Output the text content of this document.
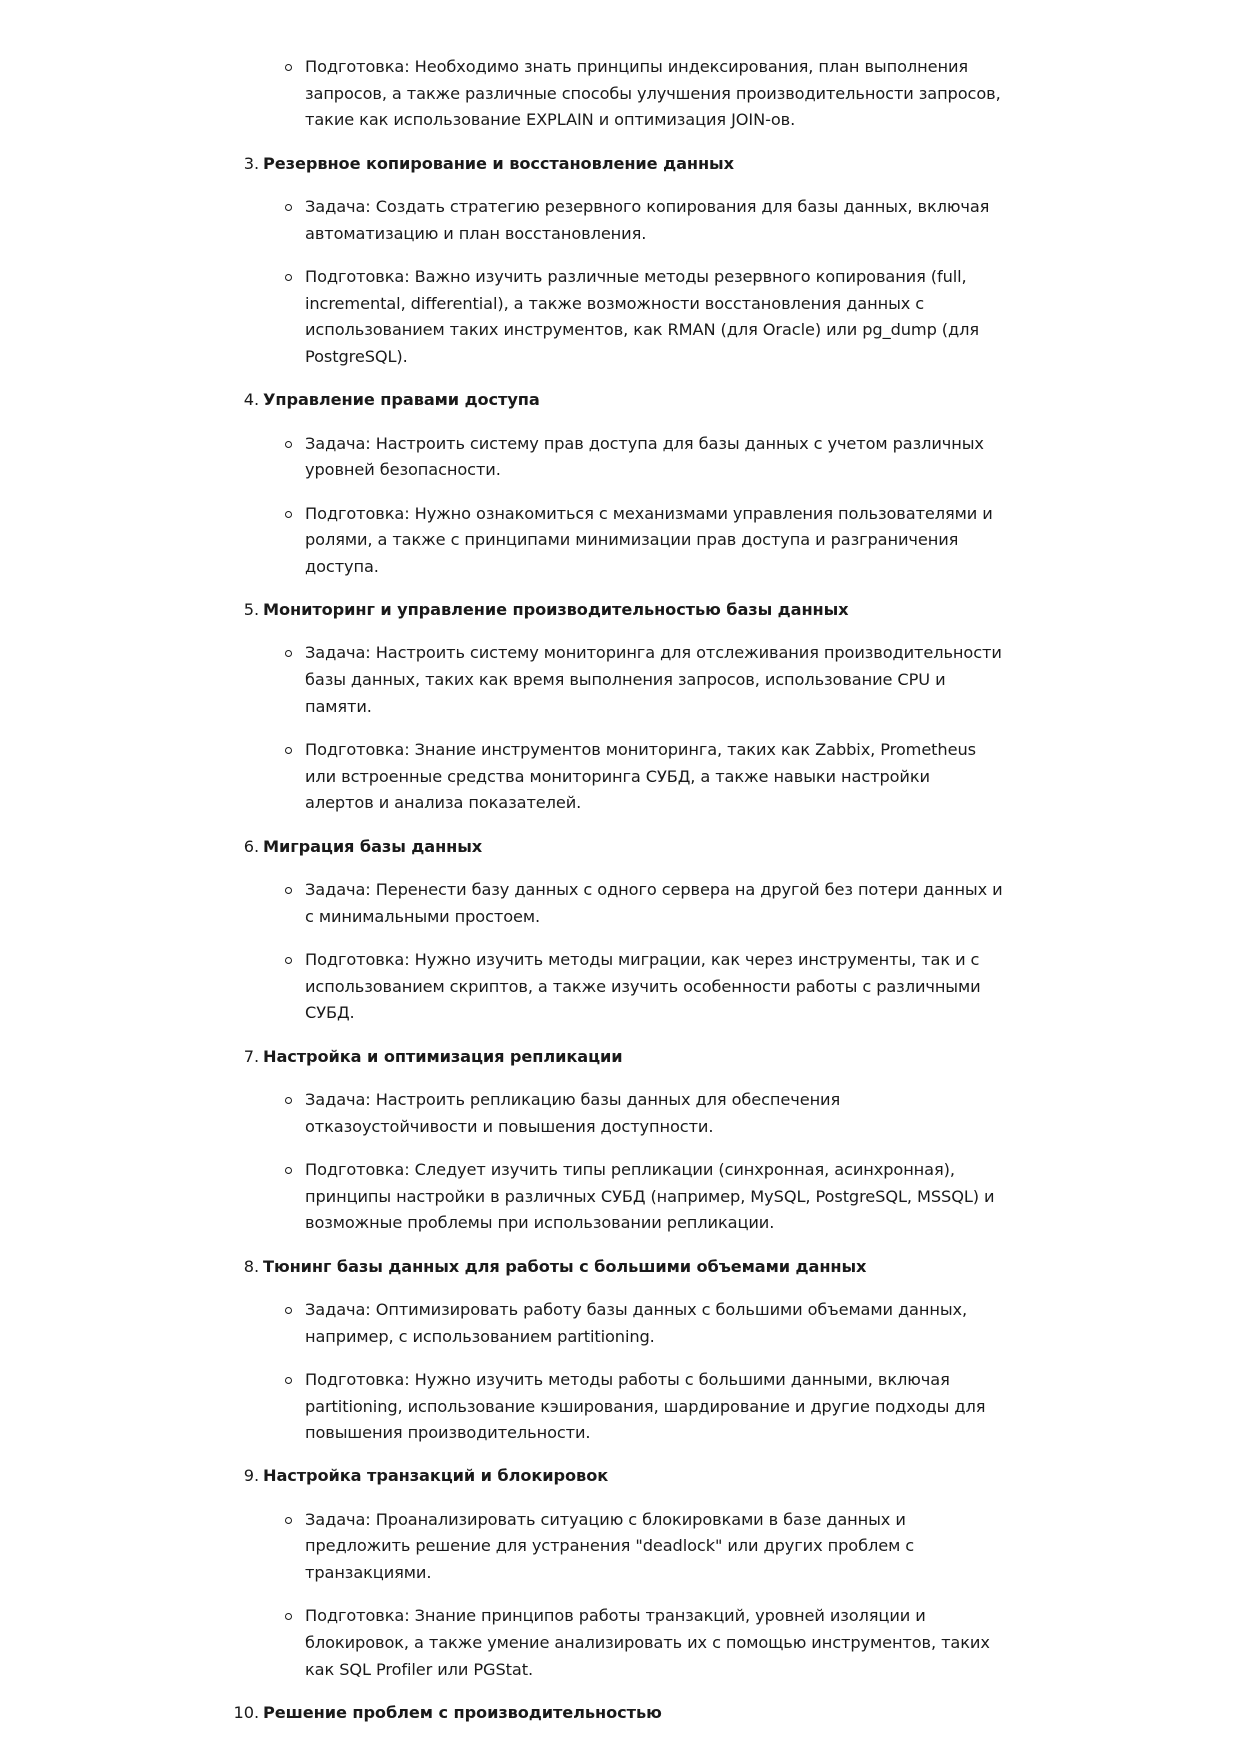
Подготовка: Необходимо знать принципы индексирования, план выполнения запросов, а также различные способы улучшения производительности запросов, такие как использование EXPLAIN и оптимизация JOIN-ов.
3. Резервное копирование и восстановление данных
Задача: Создать стратегию резервного копирования для базы данных, включая автоматизацию и план восстановления.
Подготовка: Важно изучить различные методы резервного копирования (full, incremental, differential), а также возможности восстановления данных с использованием таких инструментов, как RMAN (для Oracle) или pg_dump (для PostgreSQL).
4. Управление правами доступа
Задача: Настроить систему прав доступа для базы данных с учетом различных уровней безопасности.
Подготовка: Нужно ознакомиться с механизмами управления пользователями и ролями, а также с принципами минимизации прав доступа и разграничения доступа.
5. Мониторинг и управление производительностью базы данных
Задача: Настроить систему мониторинга для отслеживания производительности базы данных, таких как время выполнения запросов, использование CPU и памяти.
Подготовка: Знание инструментов мониторинга, таких как Zabbix, Prometheus или встроенные средства мониторинга СУБД, а также навыки настройки алертов и анализа показателей.
6. Миграция базы данных
Задача: Перенести базу данных с одного сервера на другой без потери данных и с минимальными простоем.
Подготовка: Нужно изучить методы миграции, как через инструменты, так и с использованием скриптов, а также изучить особенности работы с различными СУБД.
7. Настройка и оптимизация репликации
Задача: Настроить репликацию базы данных для обеспечения отказоустойчивости и повышения доступности.
Подготовка: Следует изучить типы репликации (синхронная, асинхронная), принципы настройки в различных СУБД (например, MySQL, PostgreSQL, MSSQL) и возможные проблемы при использовании репликации.
8. Тюнинг базы данных для работы с большими объемами данных
Задача: Оптимизировать работу базы данных с большими объемами данных, например, с использованием partitioning.
Подготовка: Нужно изучить методы работы с большими данными, включая partitioning, использование кэширования, шардирование и другие подходы для повышения производительности.
9. Настройка транзакций и блокировок
Задача: Проанализировать ситуацию с блокировками в базе данных и предложить решение для устранения "deadlock" или других проблем с транзакциями.
Подготовка: Знание принципов работы транзакций, уровней изоляции и блокировок, а также умение анализировать их с помощью инструментов, таких как SQL Profiler или PGStat.
10. Решение проблем с производительностью
